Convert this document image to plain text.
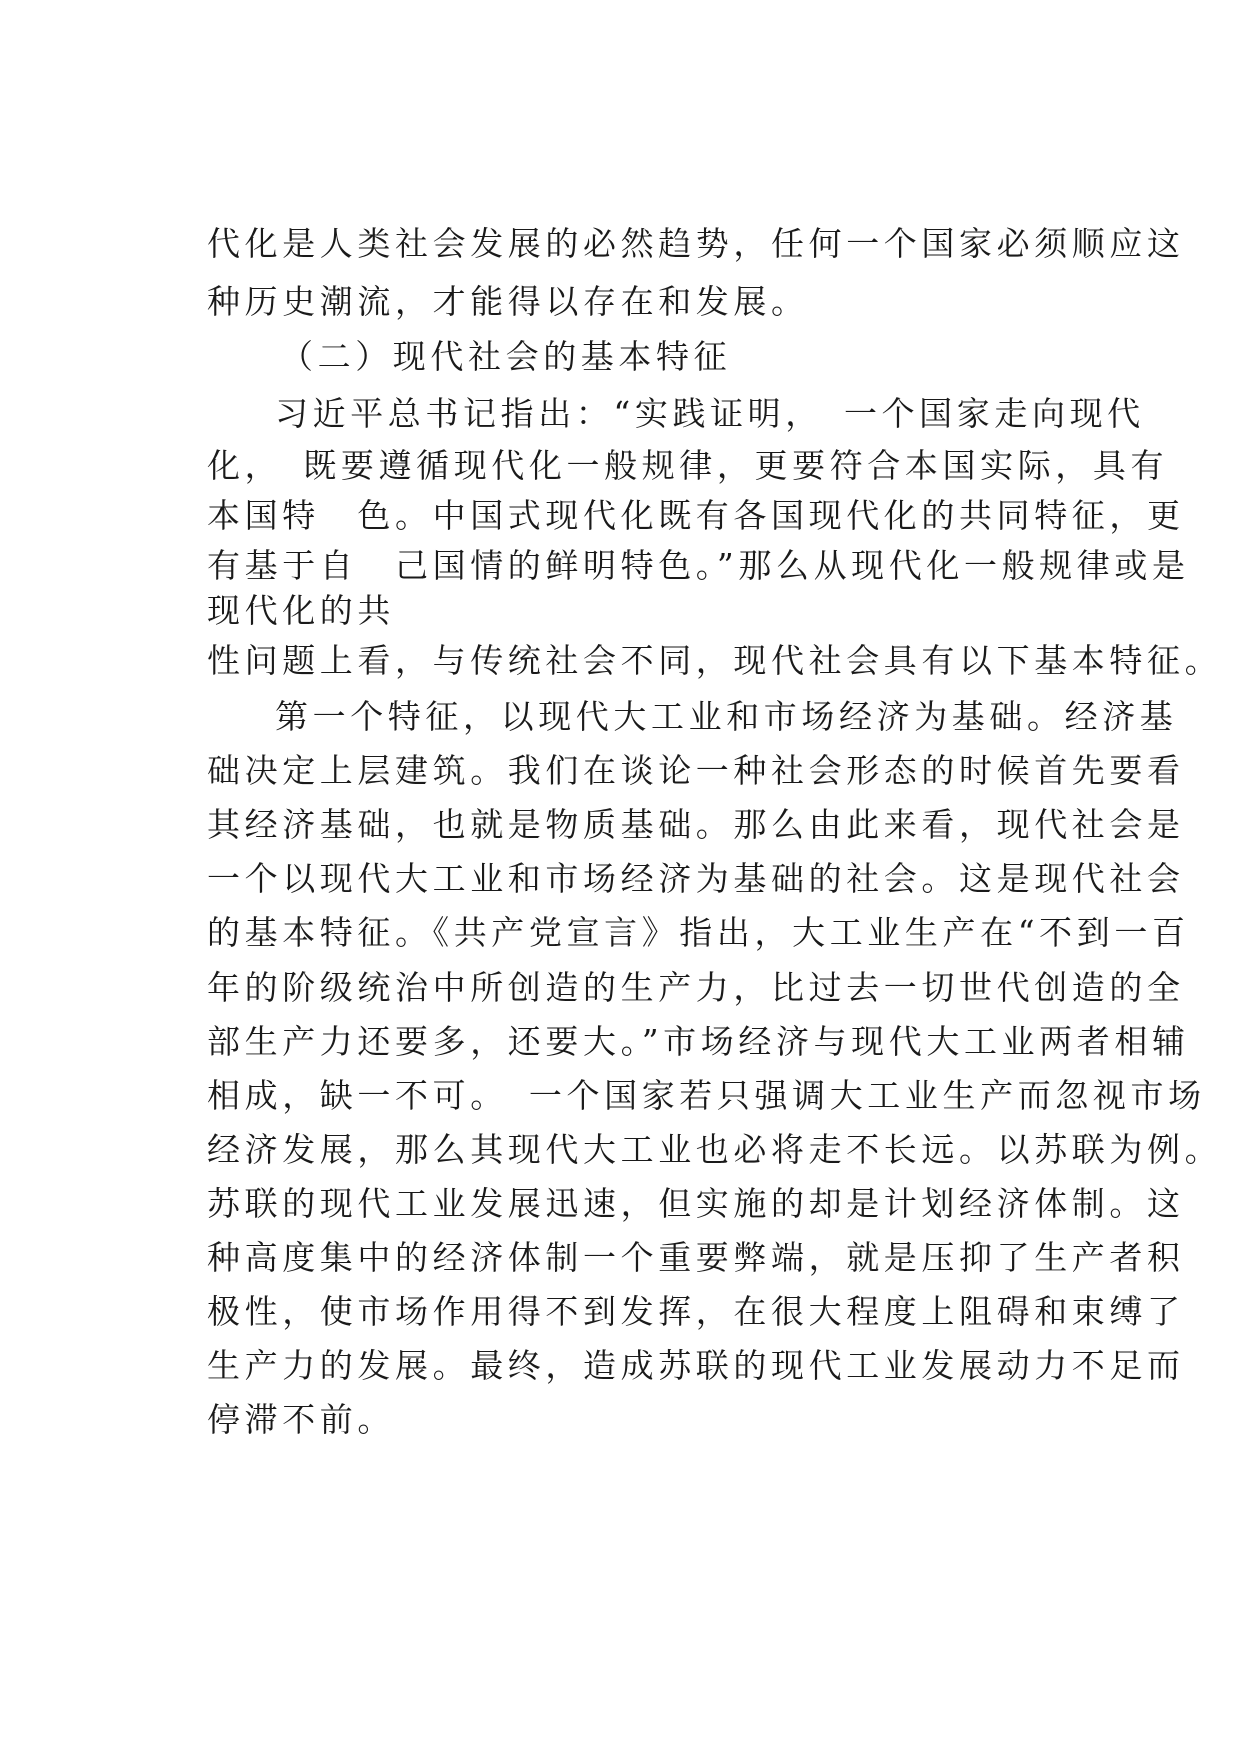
代化是人类社会发展的必然趋势，任何一个国家必须顺应这
种历史潮流，才能得以存在和发展。
（二）现代社会的基本特征
习近平总书记指出：“实践证明，　一个国家走向现代
化，　既要遵循现代化一般规律，更要符合本国实际，具有
本国特　色。中国式现代化既有各国现代化的共同特征，更
有基于自　己国情的鲜明特色。”那么从现代化一般规律或是
现代化的共
性问题上看，与传统社会不同，现代社会具有以下基本特征。
第一个特征，以现代大工业和市场经济为基础。经济基
础决定上层建筑。我们在谈论一种社会形态的时候首先要看
其经济基础，也就是物质基础。那么由此来看，现代社会是
一个以现代大工业和市场经济为基础的社会。这是现代社会
的基本特征。《共产党宣言》指出，大工业生产在“不到一百
年的阶级统治中所创造的生产力，比过去一切世代创造的全
部生产力还要多，还要大。”市场经济与现代大工业两者相辅
相成，缺一不可。　一个国家若只强调大工业生产而忽视市场
经济发展，那么其现代大工业也必将走不长远。以苏联为例。
苏联的现代工业发展迅速，但实施的却是计划经济体制。这
种高度集中的经济体制一个重要弊端，就是压抑了生产者积
极性，使市场作用得不到发挥，在很大程度上阻碍和束缚了
生产力的发展。最终，造成苏联的现代工业发展动力不足而
停滞不前。
